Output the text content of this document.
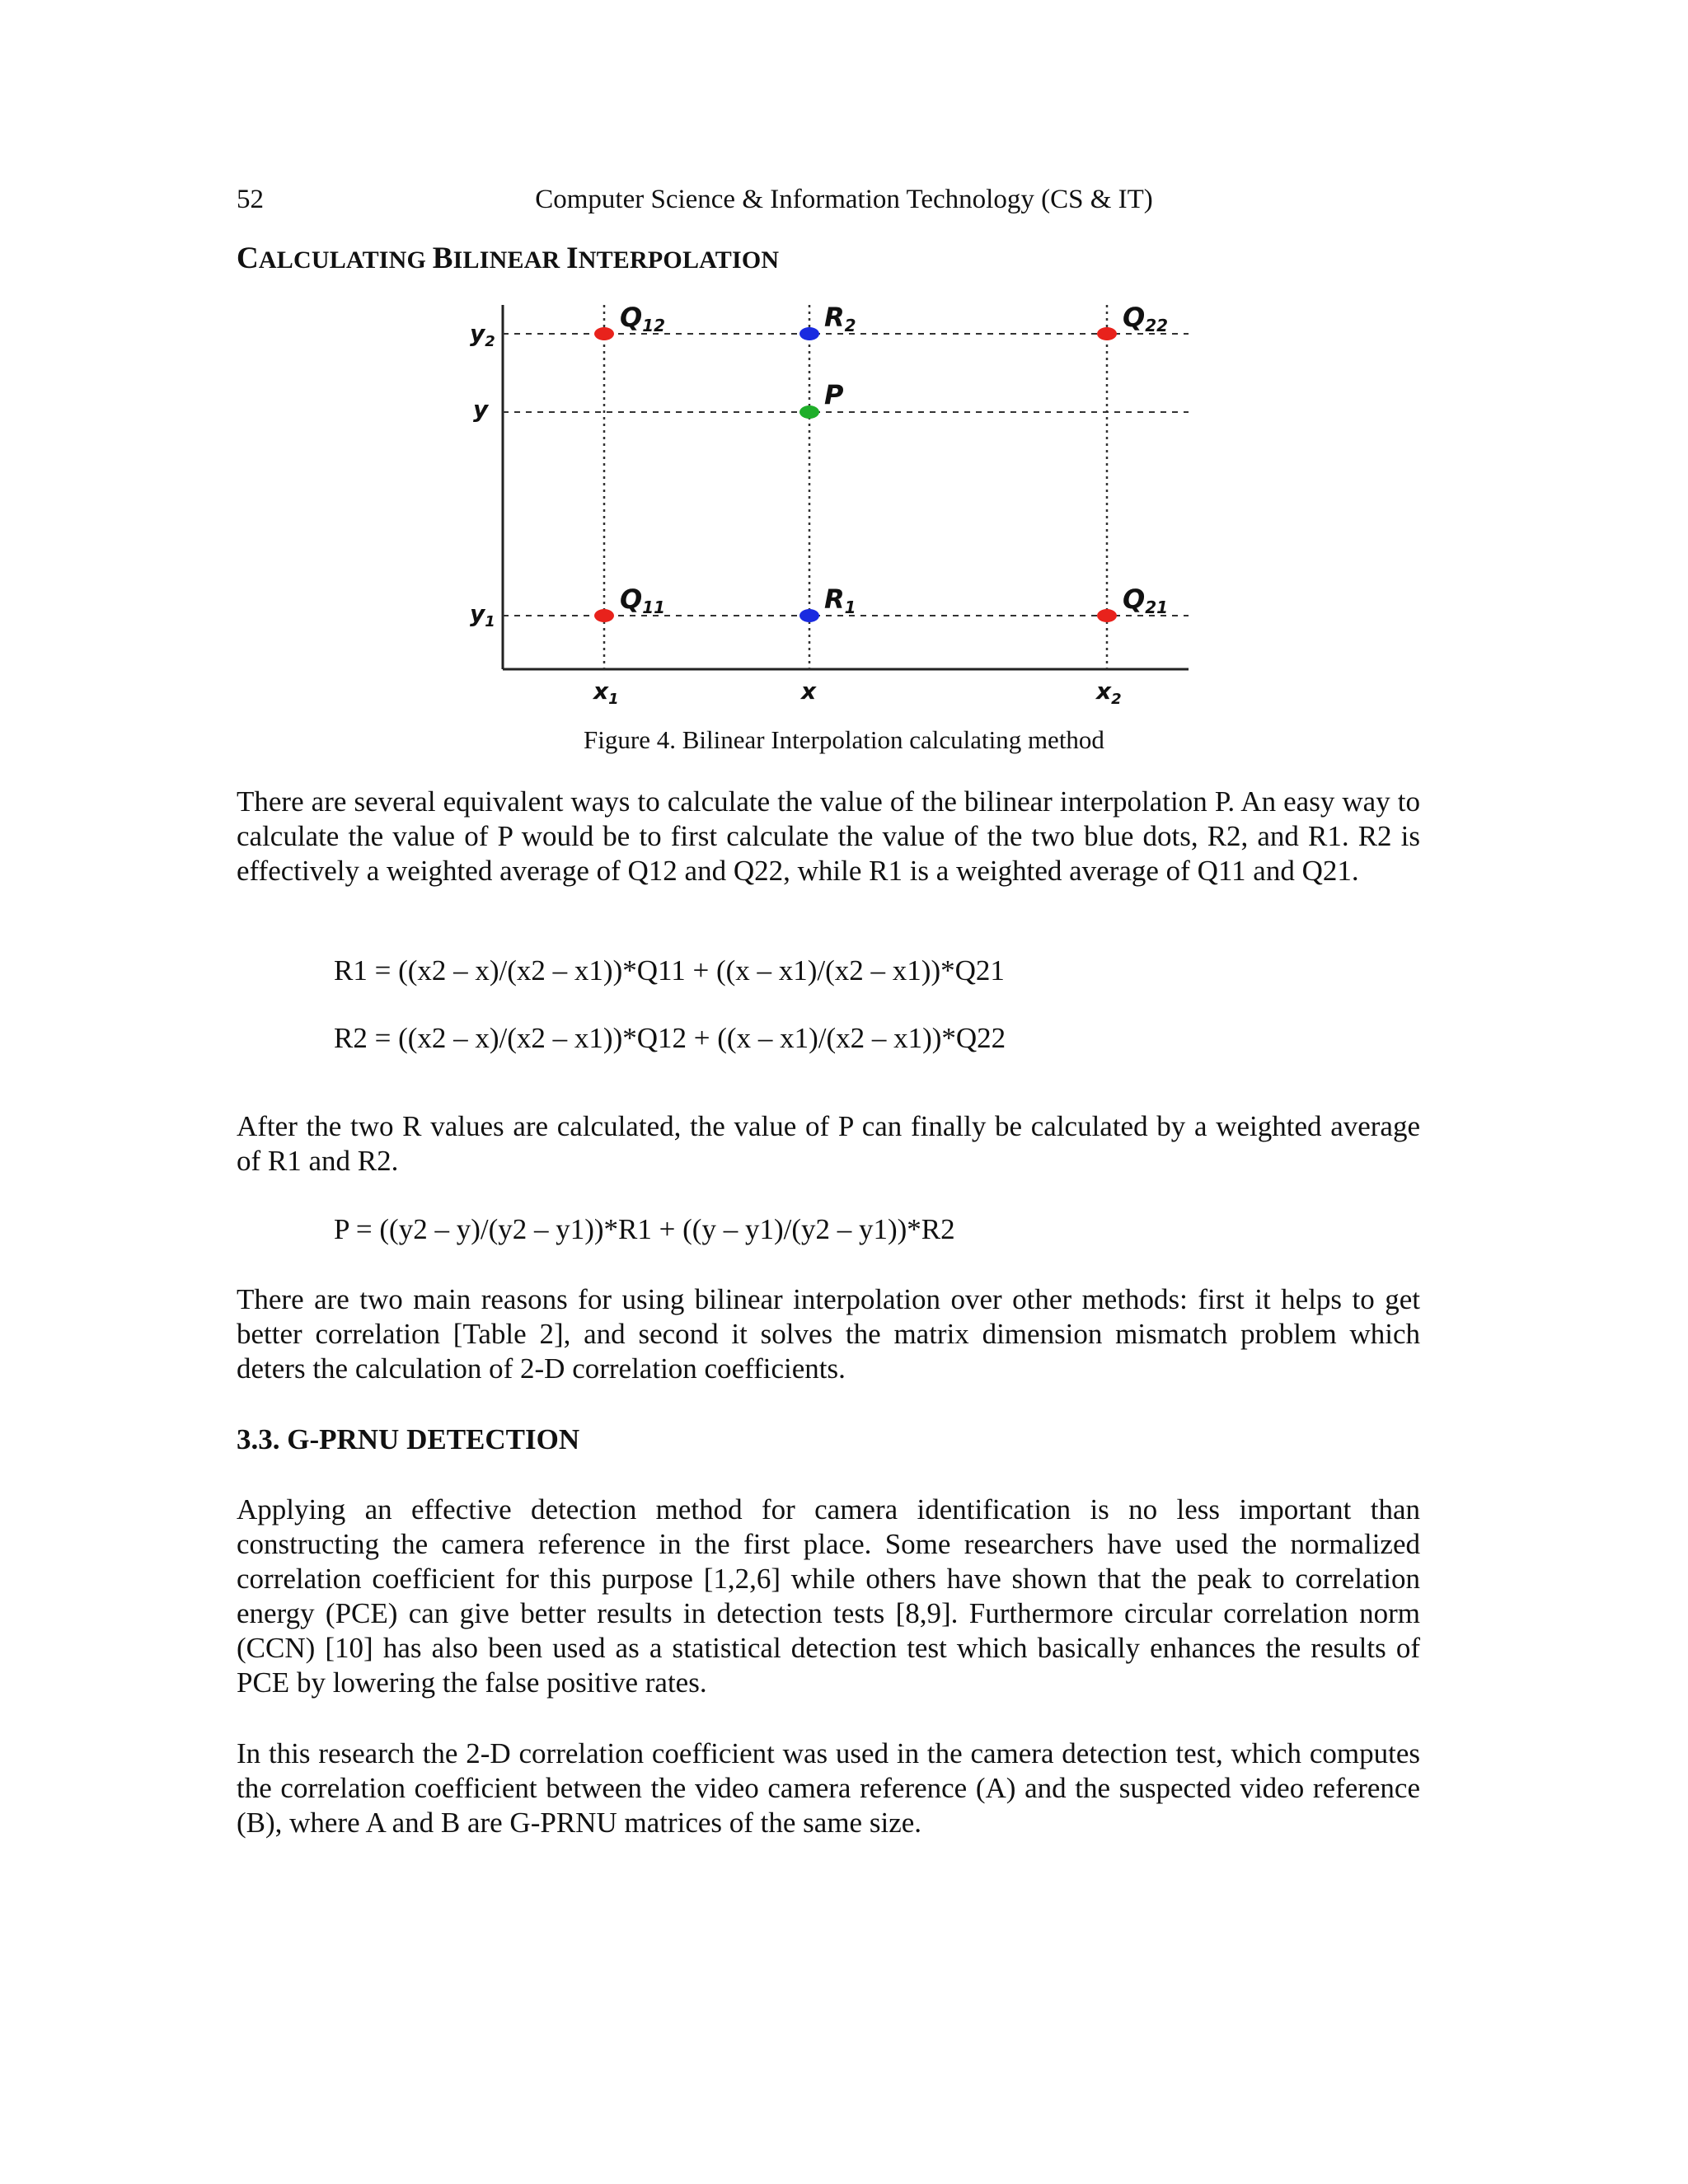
52	Computer Science & Information Technology (CS & IT)
CALCULATING BILINEAR INTERPOLATION
Q12	R2	Q22
P
Q11	R1	Q21
$y_2$
y
$y_1$
$x_1$	x	$x_2$
Figure 4. Bilinear Interpolation calculating method

There are several equivalent ways to calculate the value of the bilinear interpolation P. An easy way to calculate the value of P would be to first calculate the value of the two blue dots, R2, and R1. R2 is effectively a weighted average of Q12 and Q22, while R1 is a weighted average of Q11 and Q21.

R1 = ((x2 – x)/(x2 – x1))*Q11 + ((x – x1)/(x2 – x1))*Q21
R2 = ((x2 – x)/(x2 – x1))*Q12 + ((x – x1)/(x2 – x1))*Q22

After the two R values are calculated, the value of P can finally be calculated by a weighted average of R1 and R2.

P = ((y2 – y)/(y2 – y1))*R1 + ((y – y1)/(y2 – y1))*R2

There are two main reasons for using bilinear interpolation over other methods: first it helps to get better correlation [Table 2], and second it solves the matrix dimension mismatch problem which deters the calculation of 2-D correlation coefficients.

3.3. G-PRNU DETECTION

Applying an effective detection method for camera identification is no less important than constructing the camera reference in the first place. Some researchers have used the normalized correlation coefficient for this purpose [1,2,6] while others have shown that the peak to correlation energy (PCE) can give better results in detection tests [8,9]. Furthermore circular correlation norm (CCN) [10] has also been used as a statistical detection test which basically enhances the results of PCE by lowering the false positive rates.

In this research the 2-D correlation coefficient was used in the camera detection test, which computes the correlation coefficient between the video camera reference (A) and the suspected video reference (B), where A and B are G-PRNU matrices of the same size.
